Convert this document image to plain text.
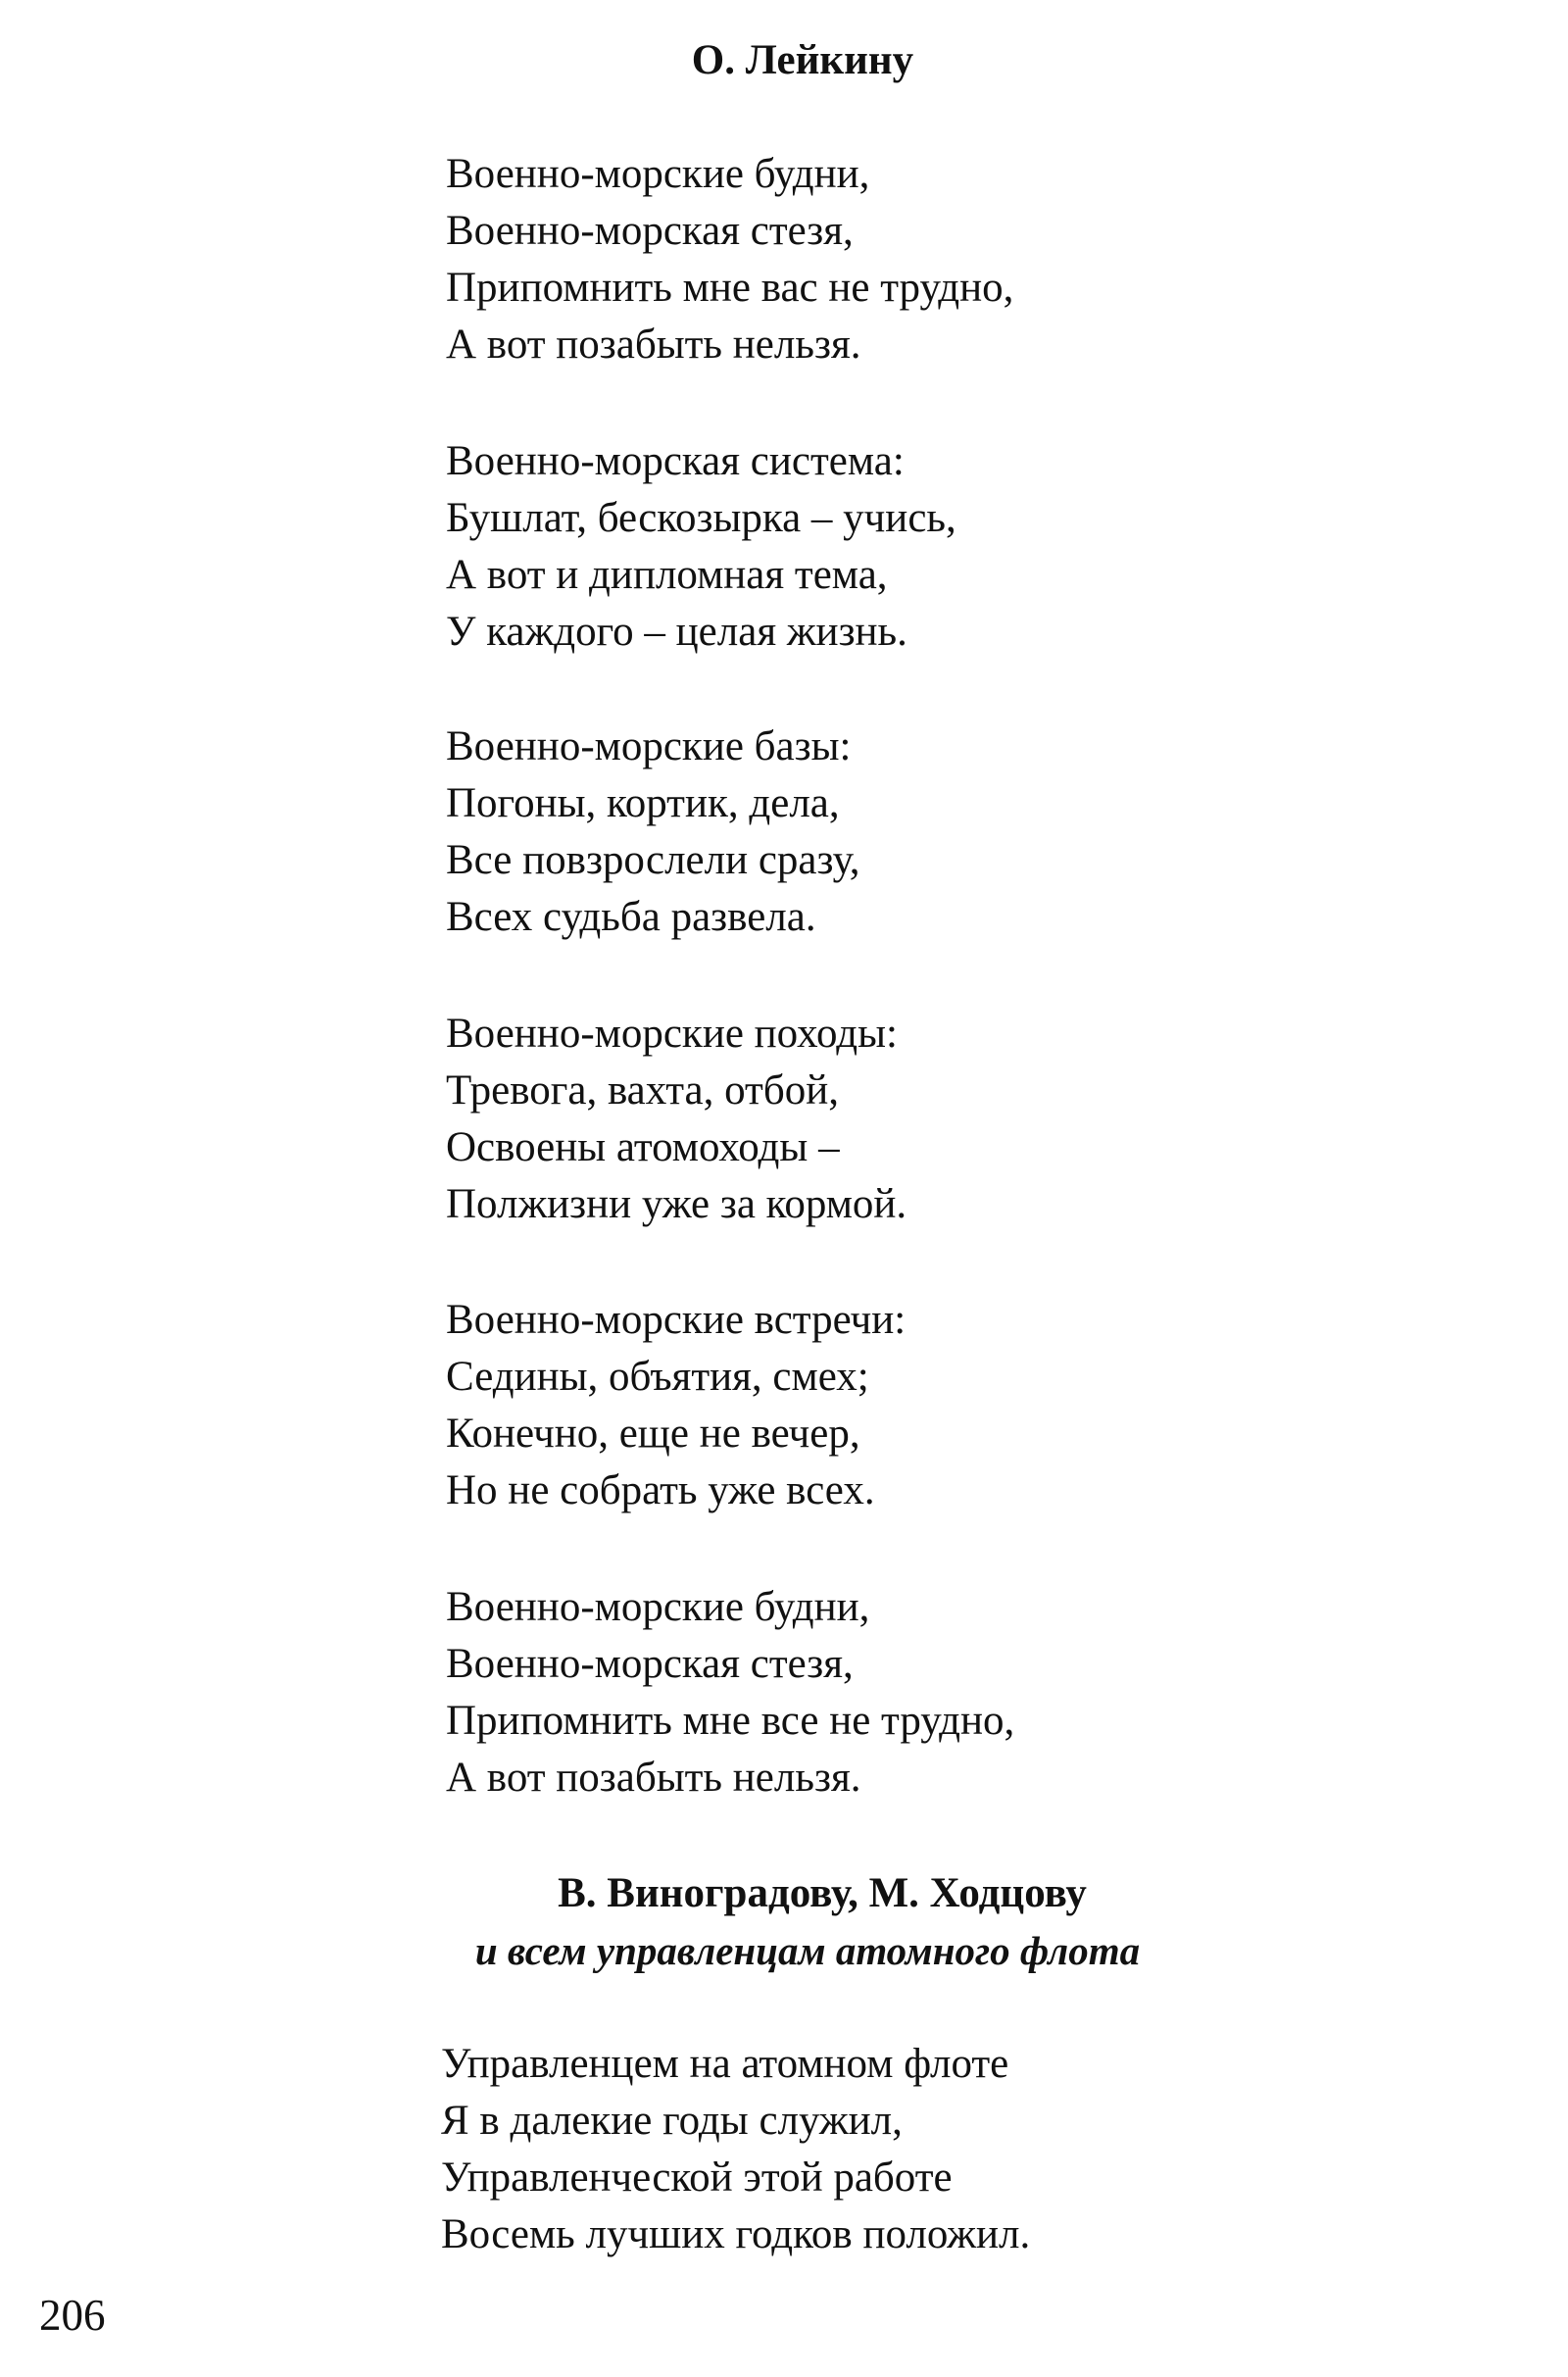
О. Лейкину
Военно-морские будни,
Военно-морская стезя,
Припомнить мне вас не трудно,
А вот позабыть нельзя.
Военно-морская система:
Бушлат, бескозырка – учись,
А вот и дипломная тема,
У каждого – целая жизнь.
Военно-морские базы:
Погоны, кортик, дела,
Все повзрослели сразу,
Всех судьба развела.
Военно-морские походы:
Тревога, вахта, отбой,
Освоены атомоходы –
Полжизни уже за кормой.
Военно-морские встречи:
Седины, объятия, смех;
Конечно, еще не вечер,
Но не собрать уже всех.
Военно-морские будни,
Военно-морская стезя,
Припомнить мне все не трудно,
А вот позабыть нельзя.
В. Виноградову, М. Ходцову

и всем управленцам атомного флота

Управленцем на атомном флоте
Я в далекие годы служил,
Управленческой этой работе
Восемь лучших годков положил.

206
